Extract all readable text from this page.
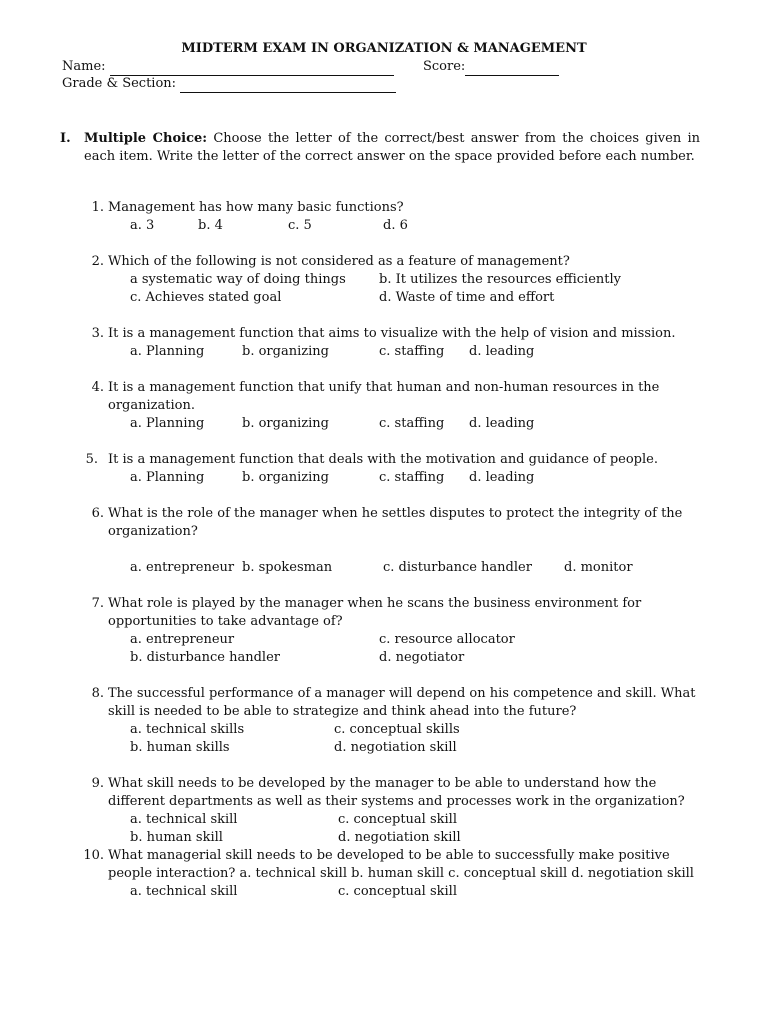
MIDTERM EXAM IN ORGANIZATION & MANAGEMENT
Name:	Score:
Grade & Section:
I. Multiple Choice: Choose the letter of the correct/best answer from the choices given in each item. Write the letter of the correct answer on the space provided before each number.
1. Management has how many basic functions?
a. 3	b. 4	c. 5	d. 6
2. Which of the following is not considered as a feature of management?
a systematic way of doing things	b. It utilizes the resources efficiently
c. Achieves stated goal	d. Waste of time and effort
3. It is a management function that aims to visualize with the help of vision and mission.
a. Planning	b. organizing	c. staffing d. leading
4. It is a management function that unify that human and non-human resources in the organization.
a. Planning	b. organizing	c. staffing d. leading
5. It is a management function that deals with the motivation and guidance of people.
a. Planning	b. organizing	c. staffing d. leading
6. What is the role of the manager when he settles disputes to protect the integrity of the organization?
a. entrepreneur b. spokesman	c. disturbance handler d. monitor
7. What role is played by the manager when he scans the business environment for opportunities to take advantage of?
a. entrepreneur	c. resource allocator
b. disturbance handler	d. negotiator
8. The successful performance of a manager will depend on his competence and skill. What skill is needed to be able to strategize and think ahead into the future?
a. technical skills	c. conceptual skills
b. human skills	d. negotiation skill
9. What skill needs to be developed by the manager to be able to understand how the different departments as well as their systems and processes work in the organization?
a. technical skill	c. conceptual skill
b. human skill	d. negotiation skill
10. What managerial skill needs to be developed to be able to successfully make positive people interaction? a. technical skill b. human skill c. conceptual skill d. negotiation skill
a. technical skill	c. conceptual skill
